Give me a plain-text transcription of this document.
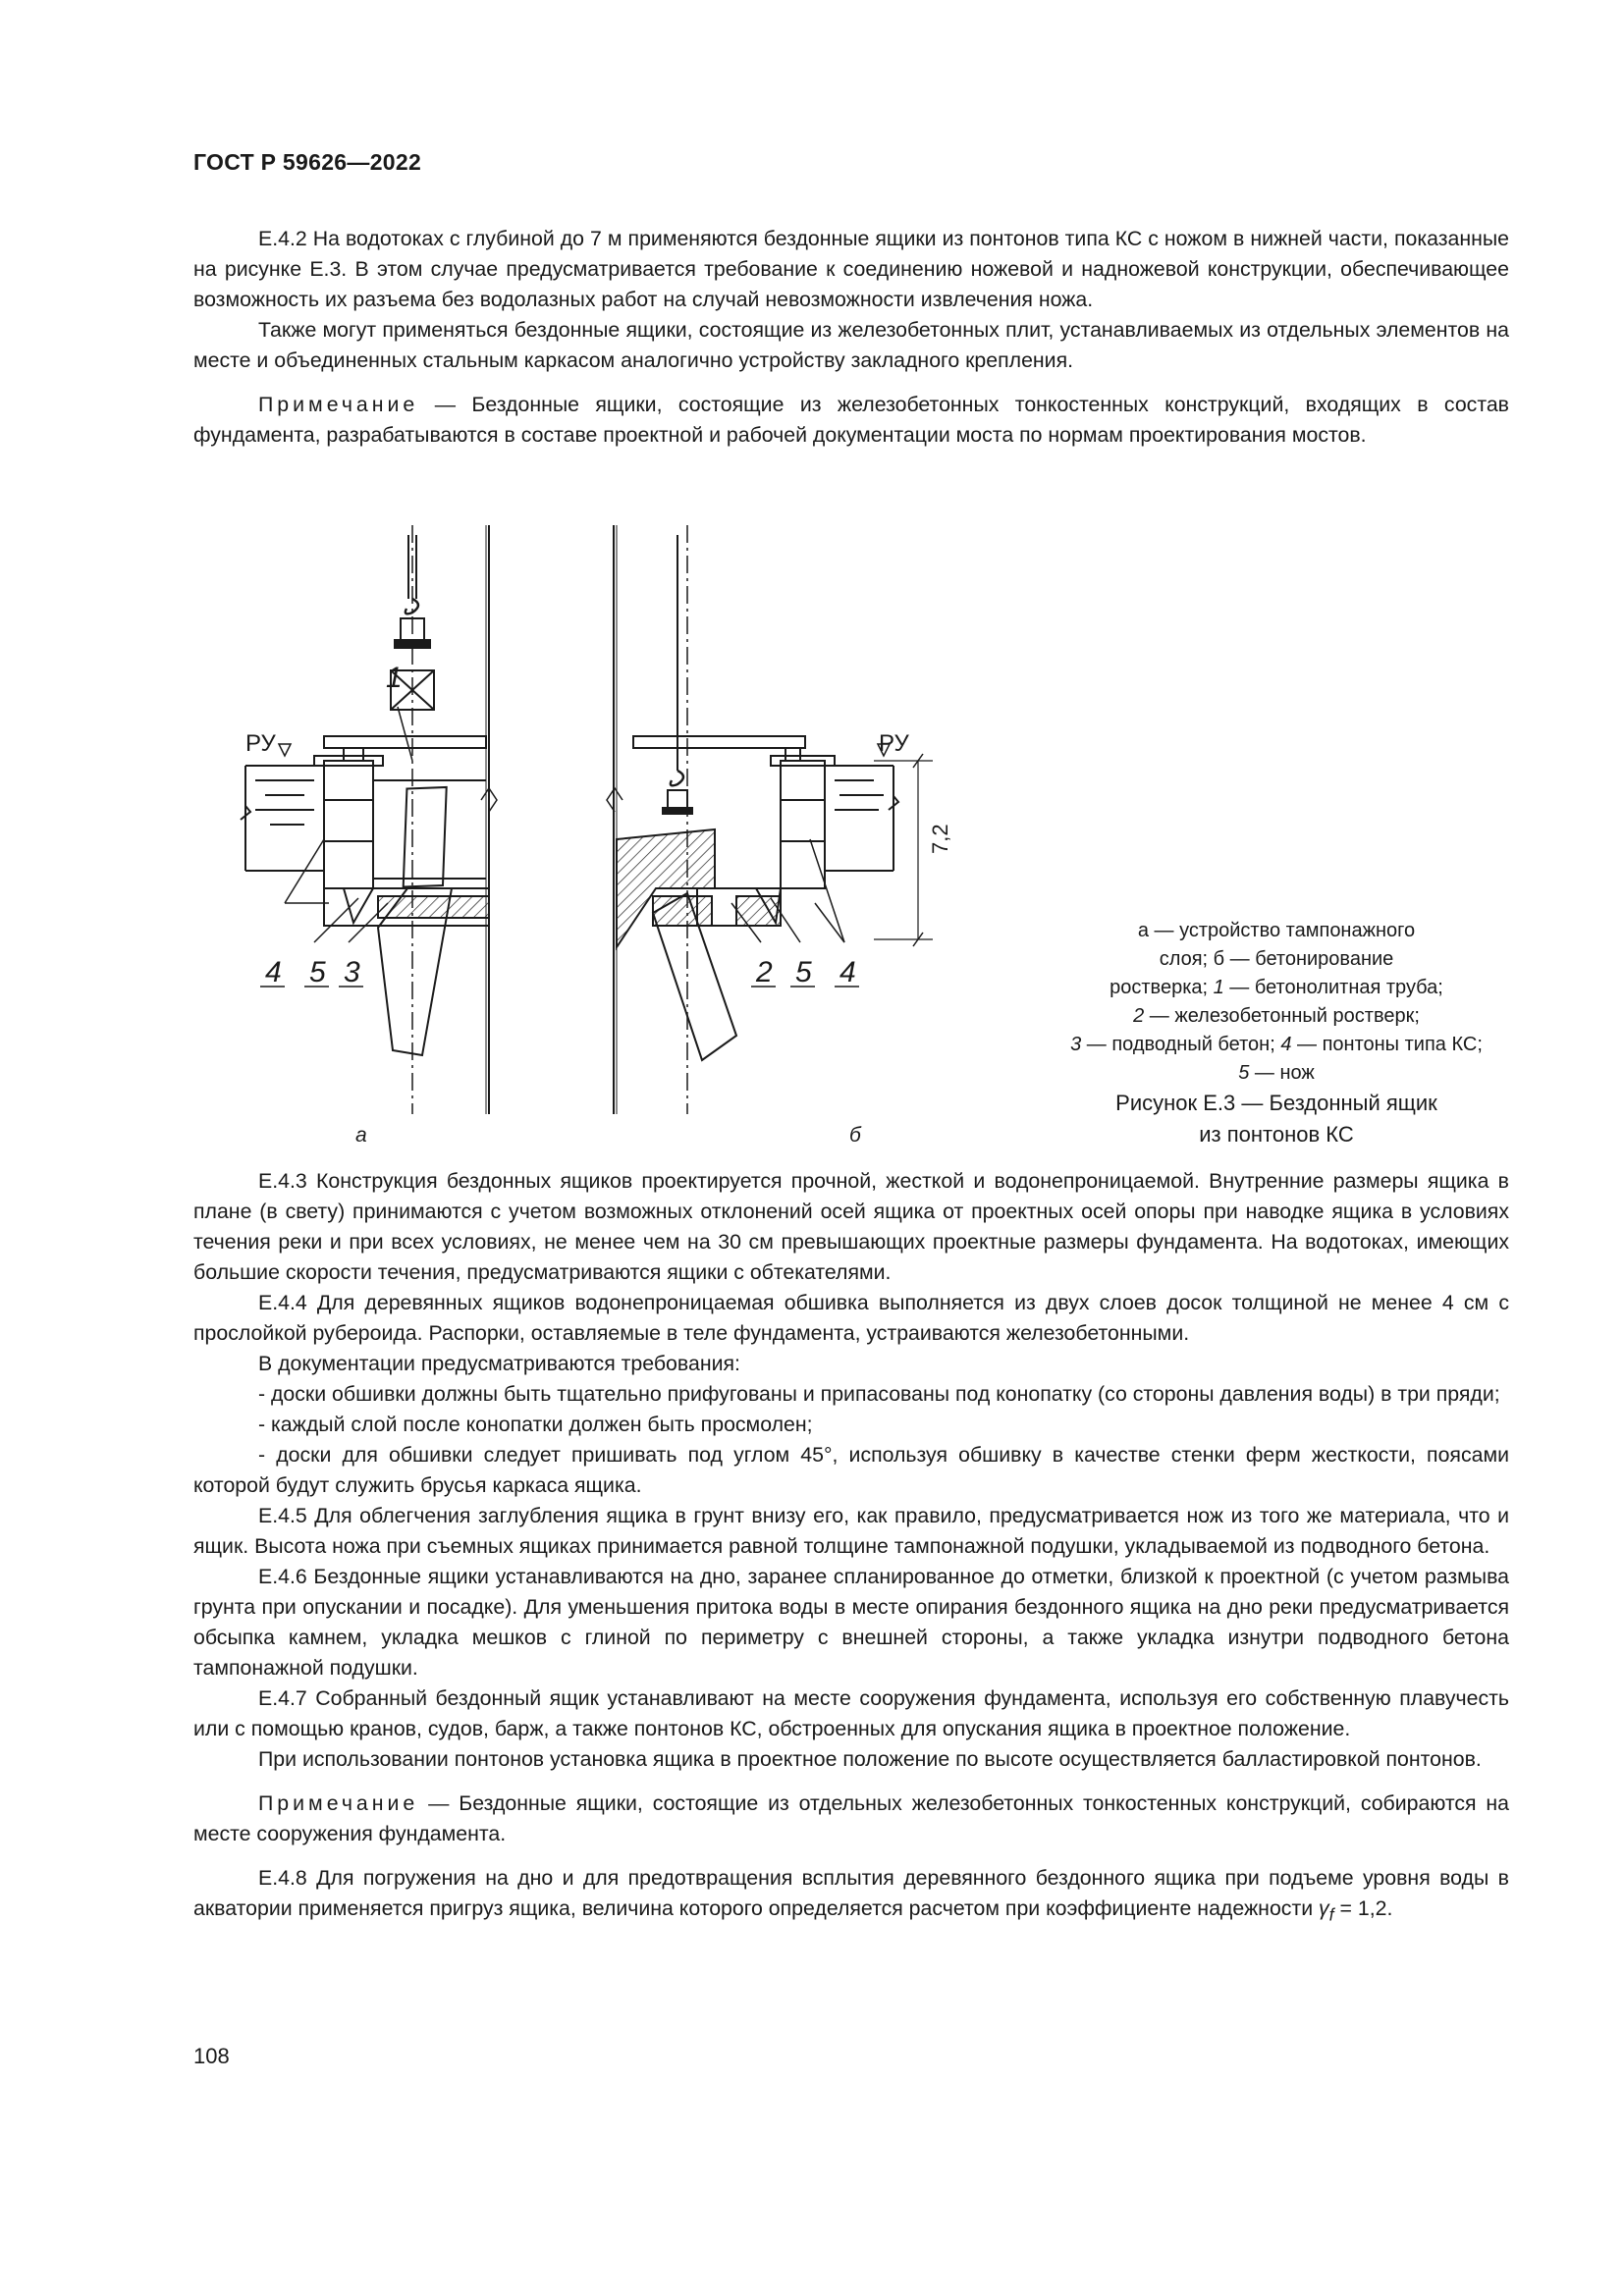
ГОСТ Р 59626—2022

Е.4.2 На водотоках с глубиной до 7 м применяются бездонные ящики из понтонов типа КС с ножом в нижней части, показанные на рисунке Е.3. В этом случае предусматривается требование к соединению ножевой и надножевой конструкции, обеспечивающее возможность их разъема без водолазных работ на случай невозможности извлечения ножа.

Также могут применяться бездонные ящики, состоящие из железобетонных плит, устанавливаемых из отдельных элементов на месте и объединенных стальным каркасом аналогично устройству закладного крепления.

Примечание — Бездонные ящики, состоящие из железобетонных тонкостенных конструкций, входящих в состав фундамента, разрабатываются в составе проектной и рабочей документации моста по нормам проектирования мостов.

РУ	РУ
7,2
1
4 5 3	2 5 4
а	б
а — устройство тампонажного
слоя; б — бетонирование
ростверка; 1 — бетонолитная труба;
2 — железобетонный ростверк;
3 — подводный бетон; 4 — понтоны типа КС;
5 — нож
Рисунок Е.3 — Бездонный ящик
из понтонов КС

Е.4.3 Конструкция бездонных ящиков проектируется прочной, жесткой и водонепроницаемой. Внутренние размеры ящика в плане (в свету) принимаются с учетом возможных отклонений осей ящика от проектных осей опоры при наводке ящика в условиях течения реки и при всех условиях, не менее чем на 30 см превышающих проектные размеры фундамента. На водотоках, имеющих большие скорости течения, предусматриваются ящики с обтекателями.

Е.4.4 Для деревянных ящиков водонепроницаемая обшивка выполняется из двух слоев досок толщиной не менее 4 см с прослойкой рубероида. Распорки, оставляемые в теле фундамента, устраиваются железобетонными.

В документации предусматриваются требования:

- доски обшивки должны быть тщательно прифугованы и припасованы под конопатку (со стороны давления воды) в три пряди;

- каждый слой после конопатки должен быть просмолен;

- доски для обшивки следует пришивать под углом 45°, используя обшивку в качестве стенки ферм жесткости, поясами которой будут служить брусья каркаса ящика.

Е.4.5 Для облегчения заглубления ящика в грунт внизу его, как правило, предусматривается нож из того же материала, что и ящик. Высота ножа при съемных ящиках принимается равной толщине тампонажной подушки, укладываемой из подводного бетона.

Е.4.6 Бездонные ящики устанавливаются на дно, заранее спланированное до отметки, близкой к проектной (с учетом размыва грунта при опускании и посадке). Для уменьшения притока воды в месте опирания бездонного ящика на дно реки предусматривается обсыпка камнем, укладка мешков с глиной по периметру с внешней стороны, а также укладка изнутри подводного бетона тампонажной подушки.

Е.4.7 Собранный бездонный ящик устанавливают на месте сооружения фундамента, используя его собственную плавучесть или с помощью кранов, судов, барж, а также понтонов КС, обстроенных для опускания ящика в проектное положение.

При использовании понтонов установка ящика в проектное положение по высоте осуществляется балластировкой понтонов.

Примечание — Бездонные ящики, состоящие из отдельных железобетонных тонкостенных конструкций, собираются на месте сооружения фундамента.

Е.4.8 Для погружения на дно и для предотвращения всплытия деревянного бездонного ящика при подъеме уровня воды в акватории применяется пригруз ящика, величина которого определяется расчетом при коэффициенте надежности $\gamma_f = 1,2$.

108
